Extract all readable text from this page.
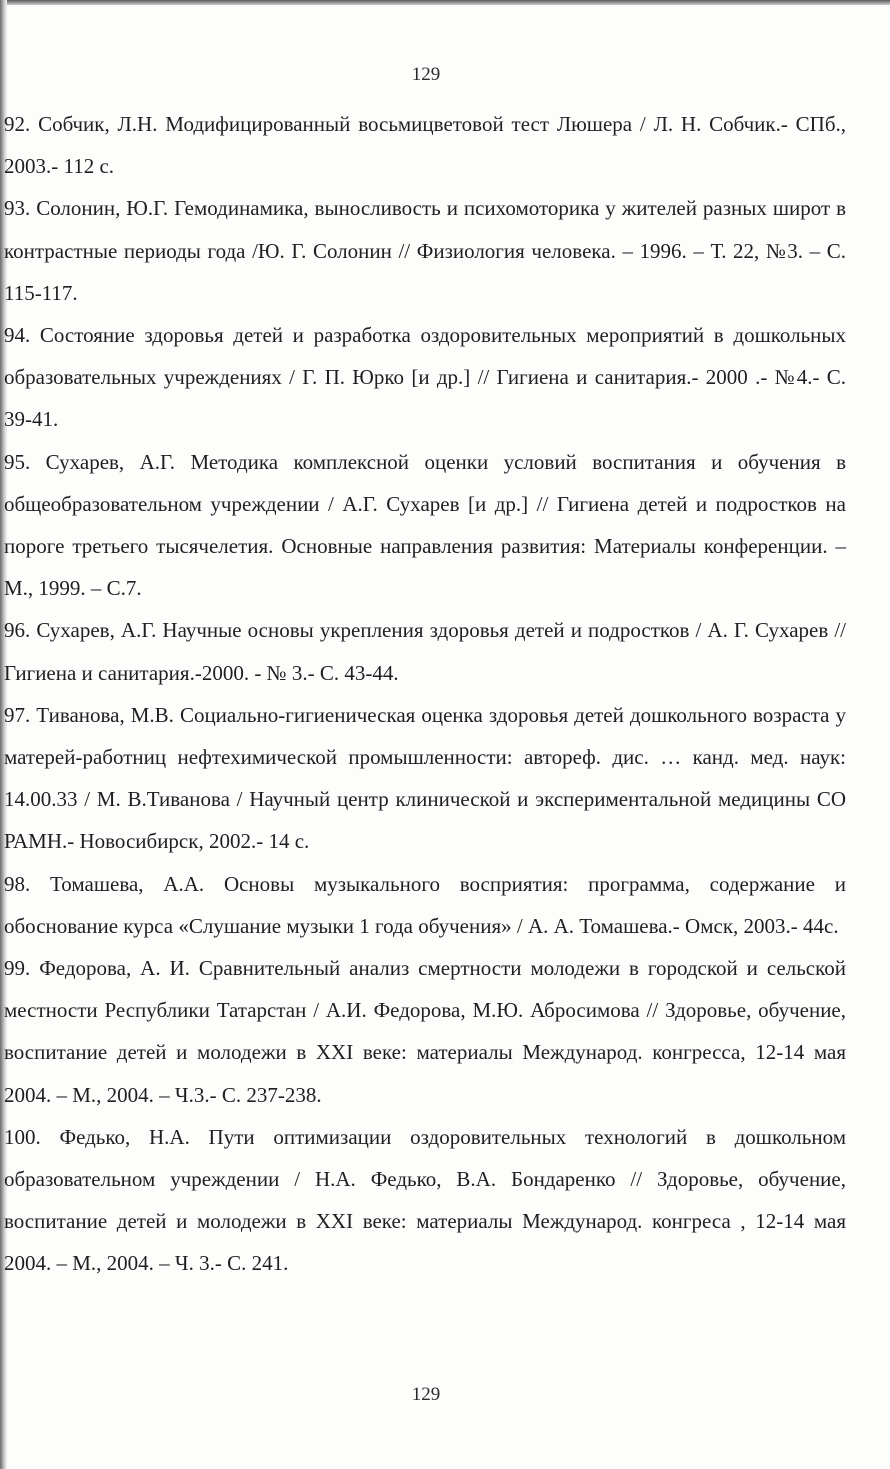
129

92. Собчик, Л.Н. Модифицированный восьмицветовой тест Люшера / Л. Н. Собчик.- СПб., 2003.- 112 с.

93. Солонин, Ю.Г. Гемодинамика, выносливость и психомоторика у жителей разных широт в контрастные периоды года /Ю. Г. Солонин // Физиология человека. – 1996. – Т. 22, №3. – С. 115-117.

94. Состояние здоровья детей и разработка оздоровительных мероприятий в дошкольных образовательных учреждениях / Г. П. Юрко [и др.] // Гигиена и санитария.- 2000 .- №4.- С. 39-41.

95. Сухарев, А.Г. Методика комплексной оценки условий воспитания и обучения в общеобразовательном учреждении / А.Г. Сухарев [и др.] // Гигиена детей и подростков на пороге третьего тысячелетия. Основные направления развития: Материалы конференции. – М., 1999. – С.7.

96. Сухарев, А.Г. Научные основы укрепления здоровья детей и подростков / А. Г. Сухарев // Гигиена и санитария.-2000. - № 3.- С. 43-44.

97. Тиванова, М.В. Социально-гигиеническая оценка здоровья детей дошкольного возраста у матерей-работниц нефтехимической промышленности: автореф. дис. … канд. мед. наук: 14.00.33 / М. В.Тиванова / Научный центр клинической и экспериментальной медицины СО РАМН.- Новосибирск, 2002.- 14 с.

98. Томашева, А.А. Основы музыкального восприятия: программа, содержание и обоснование курса «Слушание музыки 1 года обучения» / А. А. Томашева.- Омск, 2003.- 44с.

99. Федорова, А. И. Сравнительный анализ смертности молодежи в городской и сельской местности Республики Татарстан / А.И. Федорова, М.Ю. Абросимова // Здоровье, обучение, воспитание детей и молодежи в XXI веке: материалы Международ. конгресса, 12-14 мая 2004. – М., 2004. – Ч.3.- С. 237-238.

100. Федько, Н.А. Пути оптимизации оздоровительных технологий в дошкольном образовательном учреждении / Н.А. Федько, В.А. Бондаренко // Здоровье, обучение, воспитание детей и молодежи в XXI веке: материалы Международ. конгреса , 12-14 мая 2004. – М., 2004. – Ч. 3.- С. 241.

129
